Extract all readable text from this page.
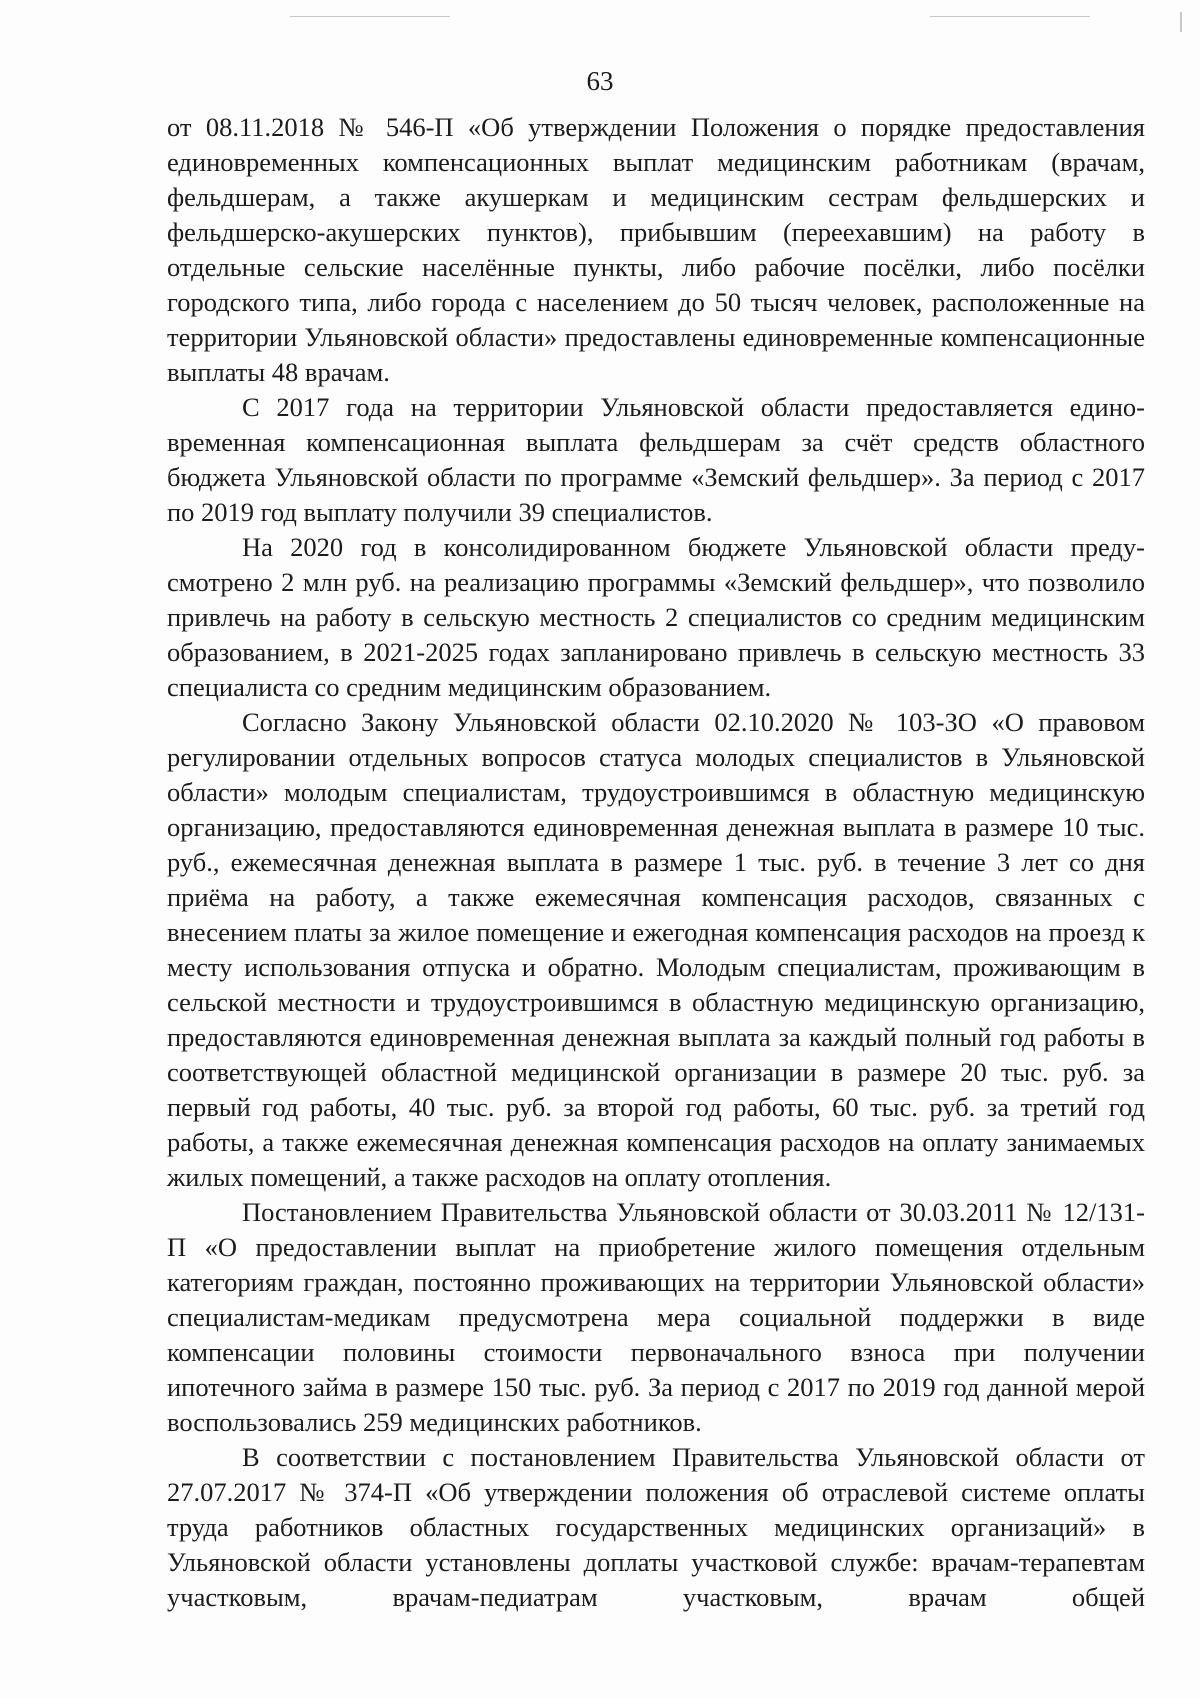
63

от 08.11.2018 № 546-П «Об утверждении Положения о порядке предоставления единовременных компенсационных выплат медицинским работникам (врачам, фельдшерам, а также акушеркам и медицинским сестрам фельдшерских и фельдшерско-акушерских пунктов), прибывшим (переехавшим) на работу в отдельные сельские населённые пункты, либо рабочие посёлки, либо посёлки городского типа, либо города с населением до 50 тысяч человек, расположенные на территории Ульяновской области» предоставлены единовременные компенсационные выплаты 48 врачам.

С 2017 года на территории Ульяновской области предоставляется единовременная компенсационная выплата фельдшерам за счёт средств областного бюджета Ульяновской области по программе «Земский фельдшер». За период с 2017 по 2019 год выплату получили 39 специалистов.

На 2020 год в консолидированном бюджете Ульяновской области предусмотрено 2 млн руб. на реализацию программы «Земский фельдшер», что позволило привлечь на работу в сельскую местность 2 специалистов со средним медицинским образованием, в 2021-2025 годах запланировано привлечь в сельскую местность 33 специалиста со средним медицинским образованием.

Согласно Закону Ульяновской области 02.10.2020 № 103-ЗО «О правовом регулировании отдельных вопросов статуса молодых специалистов в Ульяновской области» молодым специалистам, трудоустроившимся в областную медицинскую организацию, предоставляются единовременная денежная выплата в размере 10 тыс. руб., ежемесячная денежная выплата в размере 1 тыс. руб. в течение 3 лет со дня приёма на работу, а также ежемесячная компенсация расходов, связанных с внесением платы за жилое помещение и ежегодная компенсация расходов на проезд к месту использования отпуска и обратно. Молодым специалистам, проживающим в сельской местности и трудоустроившимся в областную медицинскую организацию, предоставляются единовременная денежная выплата за каждый полный год работы в соответствующей областной медицинской организации в размере 20 тыс. руб. за первый год работы, 40 тыс. руб. за второй год работы, 60 тыс. руб. за третий год работы, а также ежемесячная денежная компенсация расходов на оплату занимаемых жилых помещений, а также расходов на оплату отопления.

Постановлением Правительства Ульяновской области от 30.03.2011 № 12/131-П «О предоставлении выплат на приобретение жилого помещения отдельным категориям граждан, постоянно проживающих на территории Ульяновской области» специалистам-медикам предусмотрена мера социальной поддержки в виде компенсации половины стоимости первоначального взноса при получении ипотечного займа в размере 150 тыс. руб. За период с 2017 по 2019 год данной мерой воспользовались 259 медицинских работников.

В соответствии с постановлением Правительства Ульяновской области от 27.07.2017 № 374-П «Об утверждении положения об отраслевой системе оплаты труда работников областных государственных медицинских организаций» в Ульяновской области установлены доплаты участковой службе: врачам-терапевтам участковым, врачам-педиатрам участковым, врачам общей
